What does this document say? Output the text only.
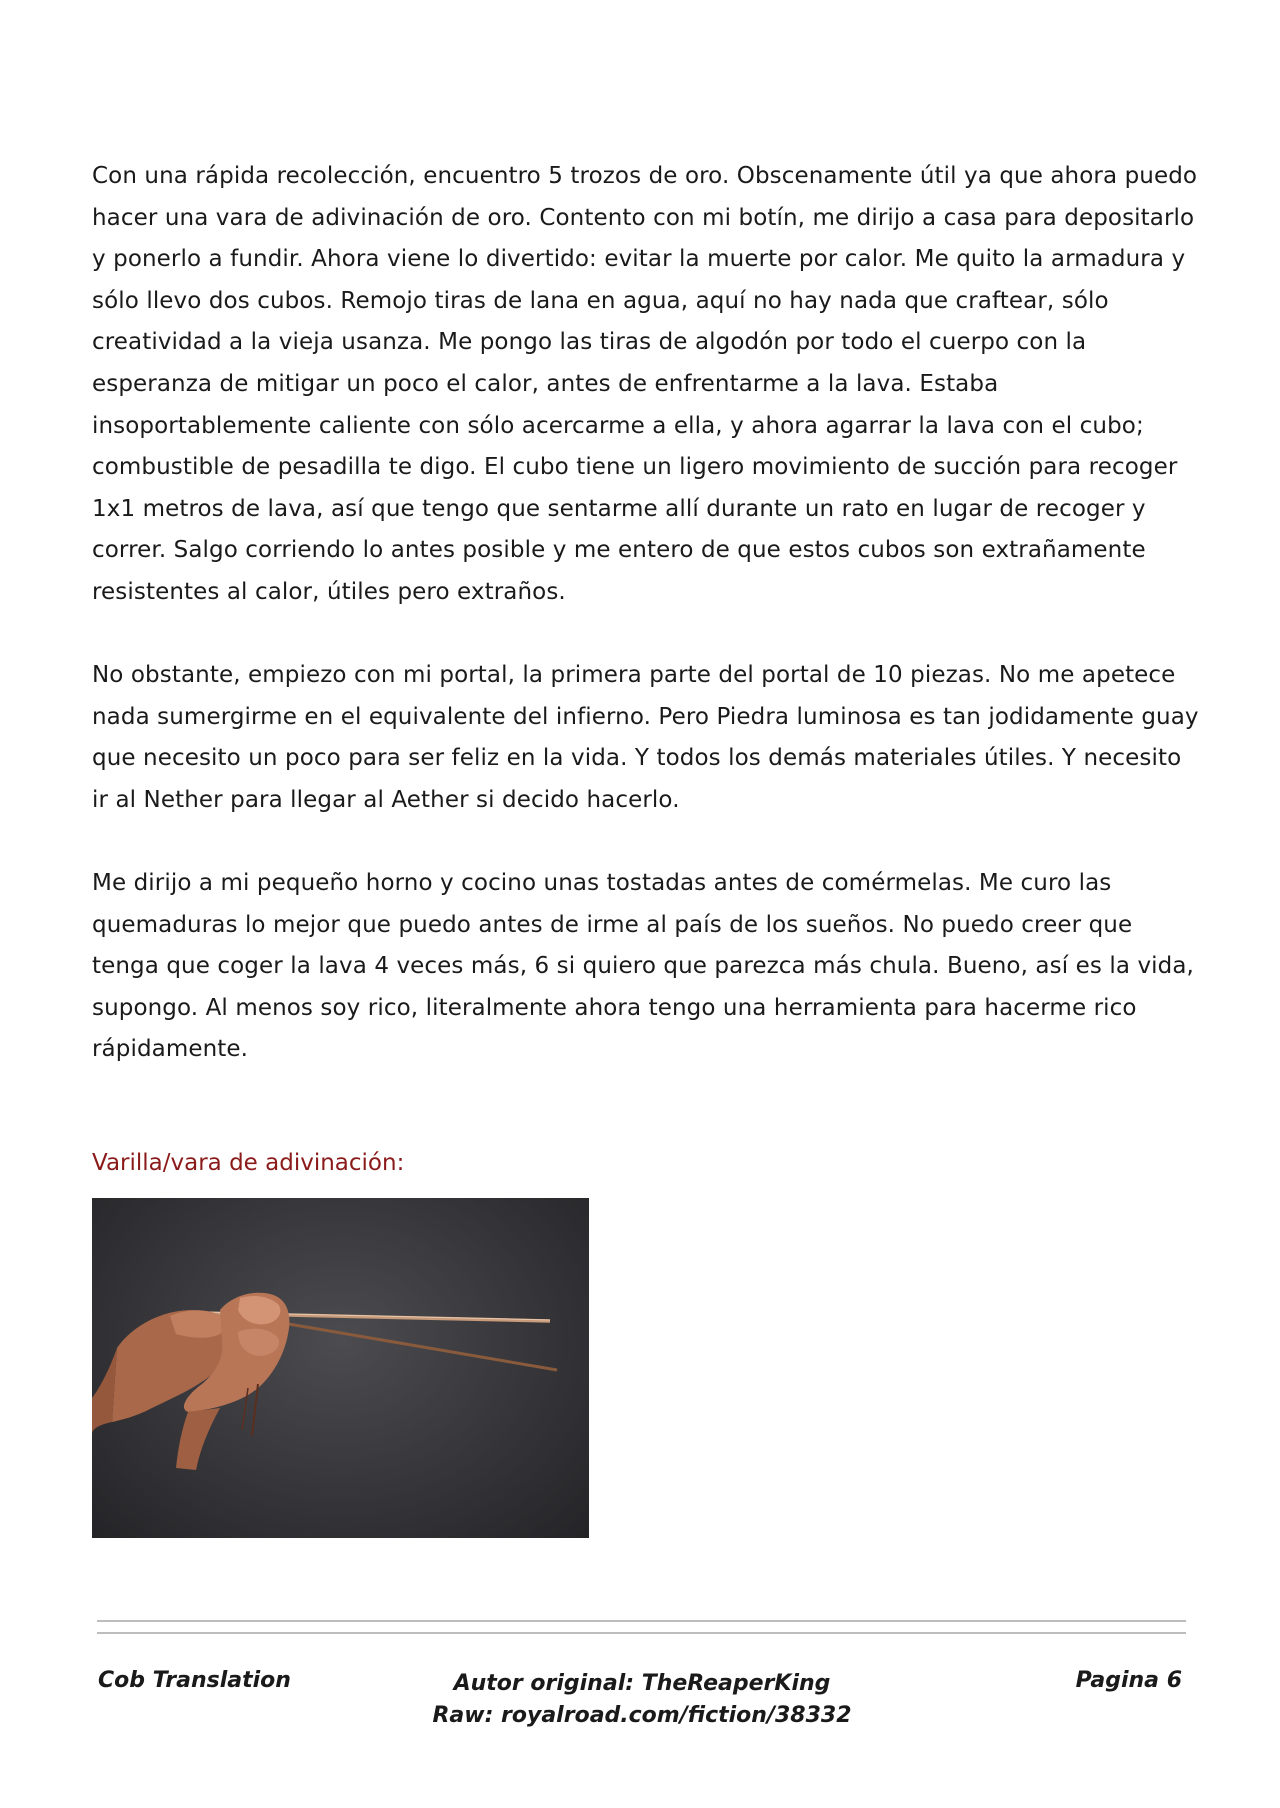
Con una rápida recolección, encuentro 5 trozos de oro. Obscenamente útil ya que ahora puedo hacer una vara de adivinación de oro. Contento con mi botín, me dirijo a casa para depositarlo y ponerlo a fundir. Ahora viene lo divertido: evitar la muerte por calor. Me quito la armadura y sólo llevo dos cubos. Remojo tiras de lana en agua, aquí no hay nada que craftear, sólo creatividad a la vieja usanza. Me pongo las tiras de algodón por todo el cuerpo con la esperanza de mitigar un poco el calor, antes de enfrentarme a la lava. Estaba insoportablemente caliente con sólo acercarme a ella, y ahora agarrar la lava con el cubo; combustible de pesadilla te digo. El cubo tiene un ligero movimiento de succión para recoger 1x1 metros de lava, así que tengo que sentarme allí durante un rato en lugar de recoger y correr. Salgo corriendo lo antes posible y me entero de que estos cubos son extrañamente resistentes al calor, útiles pero extraños.

No obstante, empiezo con mi portal, la primera parte del portal de 10 piezas. No me apetece nada sumergirme en el equivalente del infierno. Pero Piedra luminosa es tan jodidamente guay que necesito un poco para ser feliz en la vida. Y todos los demás materiales útiles. Y necesito ir al Nether para llegar al Aether si decido hacerlo.

Me dirijo a mi pequeño horno y cocino unas tostadas antes de comérmelas. Me curo las quemaduras lo mejor que puedo antes de irme al país de los sueños. No puedo creer que tenga que coger la lava 4 veces más, 6 si quiero que parezca más chula. Bueno, así es la vida, supongo. Al menos soy rico, literalmente ahora tengo una herramienta para hacerme rico rápidamente.

Varilla/vara de adivinación:
Cob Translation	Autor original: TheReaperKing
Raw: royalroad.com/fiction/38332
Pagina 6
